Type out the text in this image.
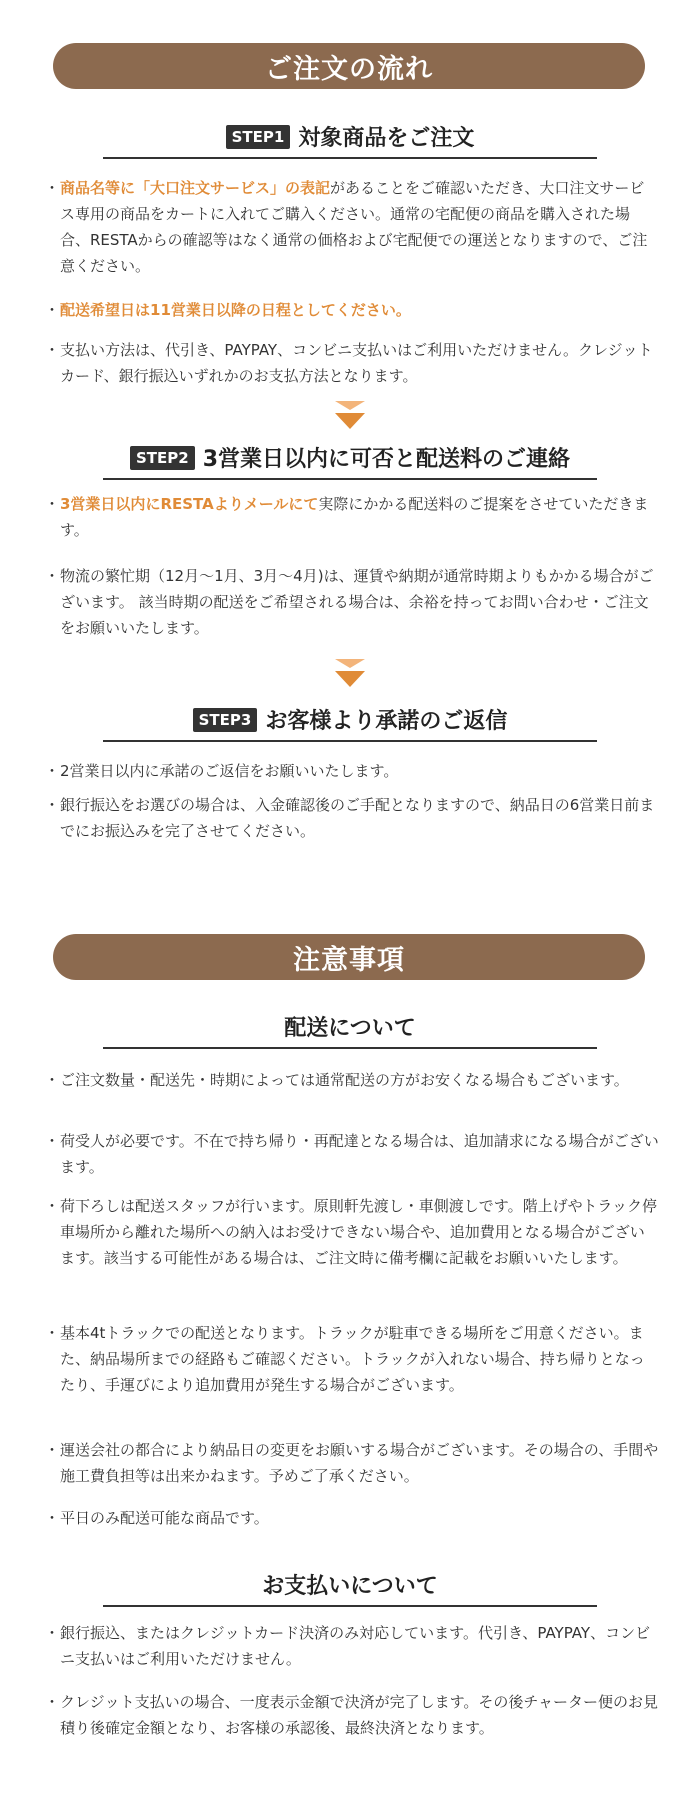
ご注文の流れ
STEP1 対象商品をご注文
・ 商品名等に「大口注文サービス」の表記があることをご確認いただき、大口注文サービス専用の商品をカートに入れてご購入ください。通常の宅配便の商品を購入された場合、RESTAからの確認等はなく通常の価格および宅配便での運送となりますので、ご注意ください。
・ 配送希望日は11営業日以降の日程としてください。
・ 支払い方法は、代引き、PAYPAY、コンビニ支払いはご利用いただけません。クレジットカード、銀行振込いずれかのお支払方法となります。
STEP2 3営業日以内に可否と配送料のご連絡
・ 3営業日以内にRESTAよりメールにて実際にかかる配送料のご提案をさせていただきます。
・ 物流の繁忙期（12月〜1月、3月〜4月)は、運賃や納期が通常時期よりもかかる場合がございます。 該当時期の配送をご希望される場合は、余裕を持ってお問い合わせ・ご注文をお願いいたします。
STEP3 お客様より承諾のご返信
・ 2営業日以内に承諾のご返信をお願いいたします。
・ 銀行振込をお選びの場合は、入金確認後のご手配となりますので、納品日の6営業日前までにお振込みを完了させてください。
注意事項
配送について
・ ご注文数量・配送先・時期によっては通常配送の方がお安くなる場合もございます。
・ 荷受人が必要です。不在で持ち帰り・再配達となる場合は、追加請求になる場合がございます。
・ 荷下ろしは配送スタッフが行います。原則軒先渡し・車側渡しです。階上げやトラック停車場所から離れた場所への納入はお受けできない場合や、追加費用となる場合がございます。該当する可能性がある場合は、ご注文時に備考欄に記載をお願いいたします。
・ 基本4tトラックでの配送となります。トラックが駐車できる場所をご用意ください。また、納品場所までの経路もご確認ください。トラックが入れない場合、持ち帰りとなったり、手運びにより追加費用が発生する場合がございます。
・ 運送会社の都合により納品日の変更をお願いする場合がございます。その場合の、手間や施工費負担等は出来かねます。予めご了承ください。
・ 平日のみ配送可能な商品です。
お支払いについて
・ 銀行振込、またはクレジットカード決済のみ対応しています。代引き、PAYPAY、コンビニ支払いはご利用いただけません。
・ クレジット支払いの場合、一度表示金額で決済が完了します。その後チャーター便のお見積り後確定金額となり、お客様の承認後、最終決済となります。
